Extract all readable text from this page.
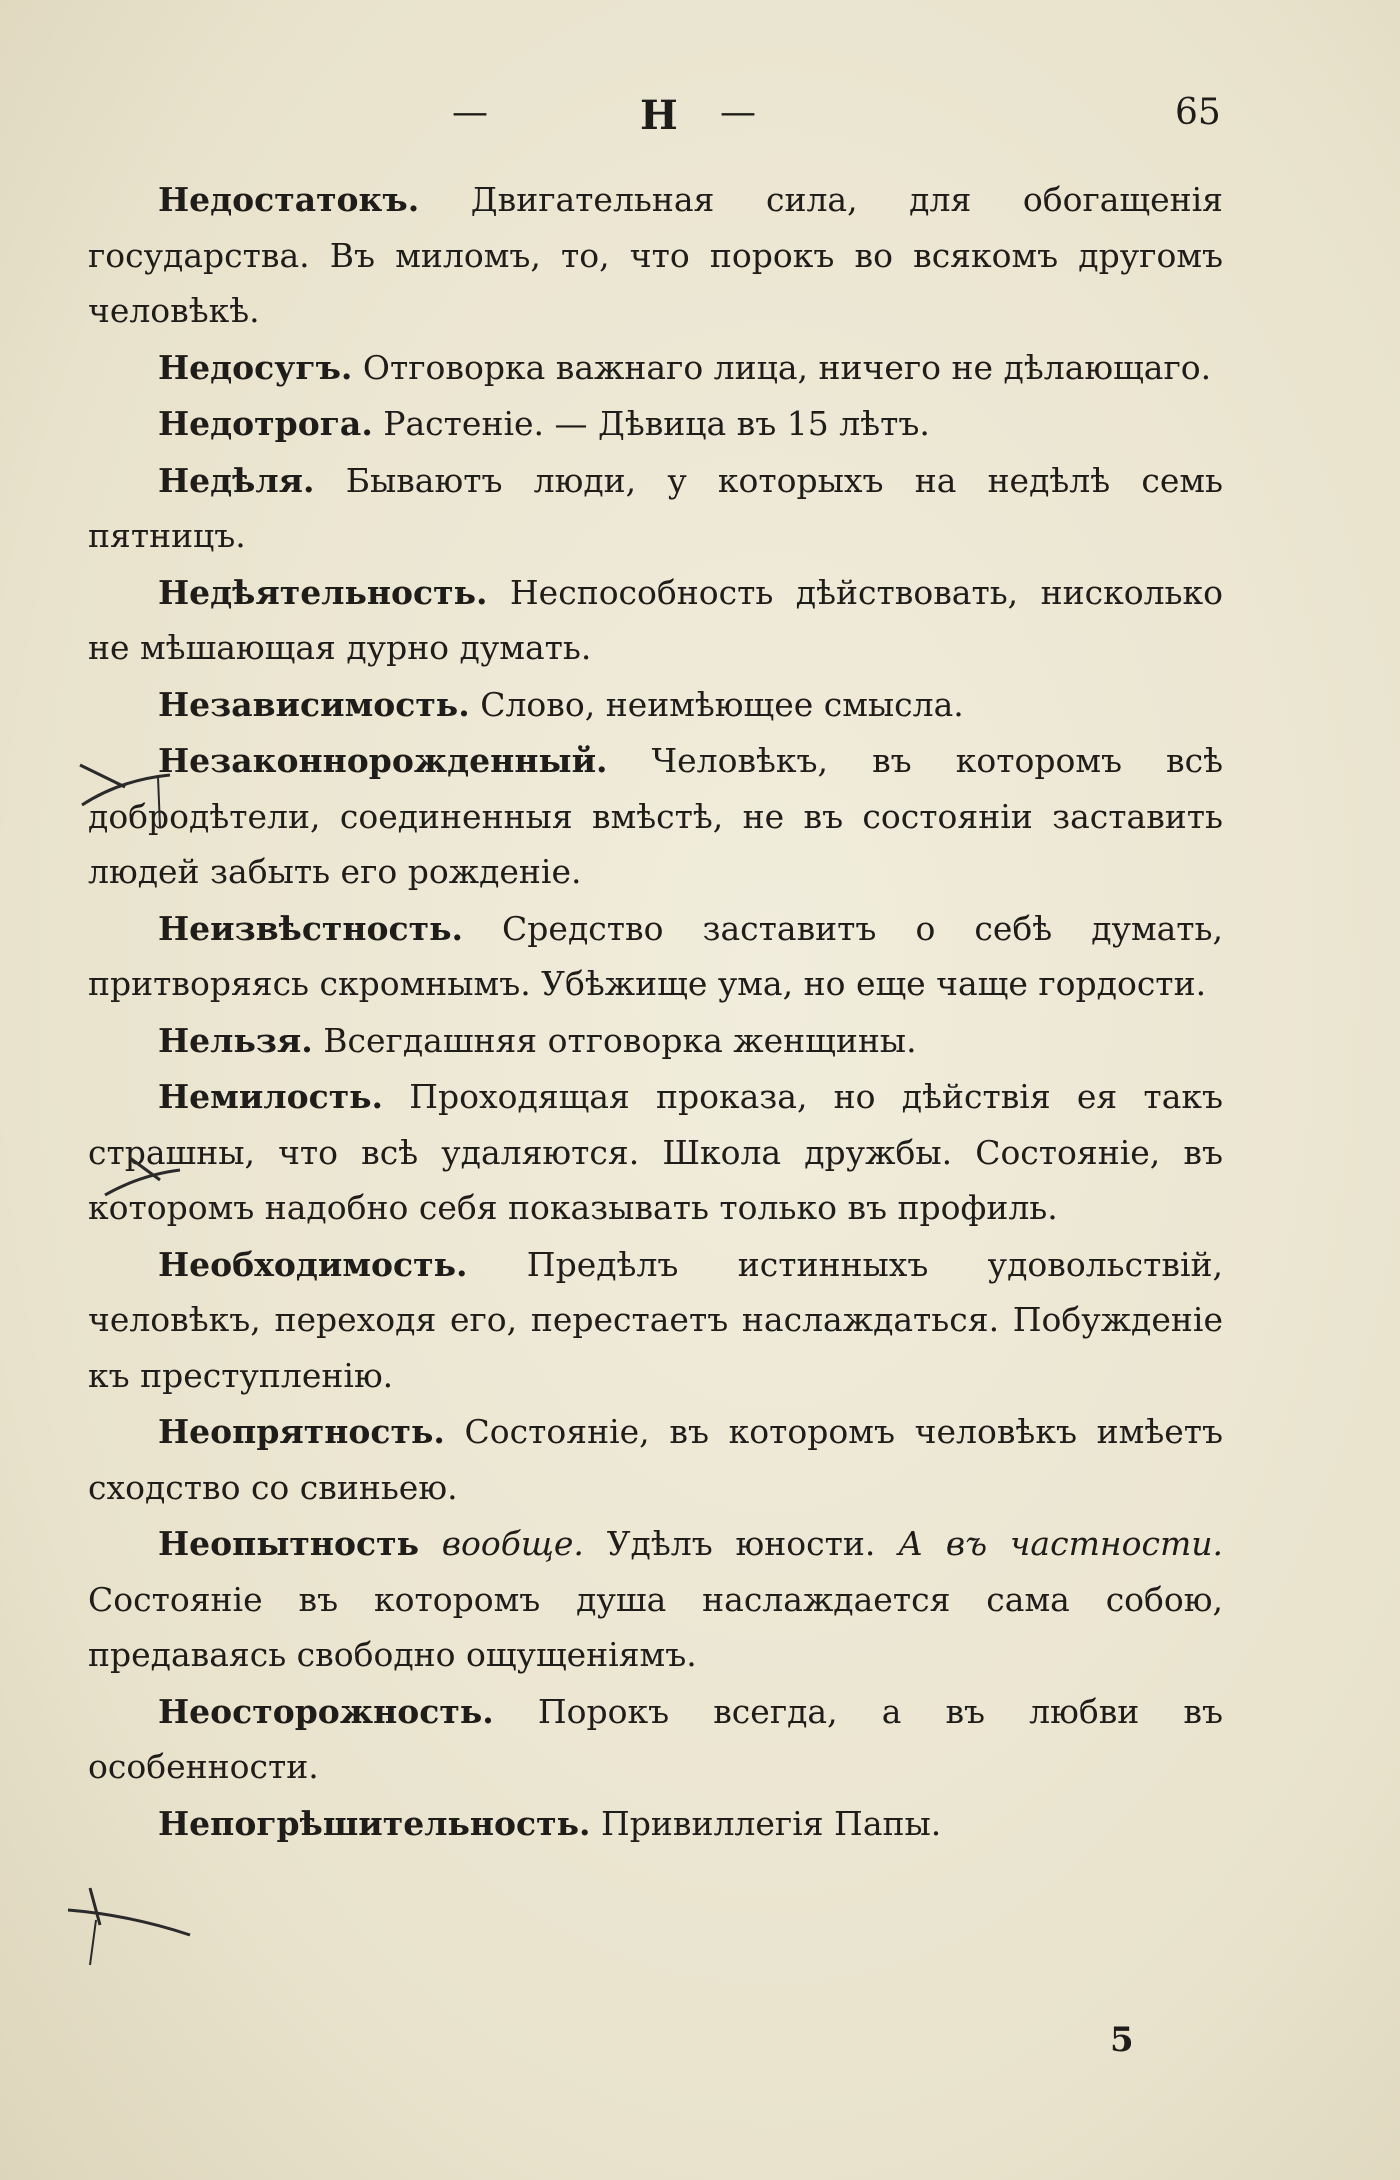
—	Н —	65

Недостатокъ. Двигательная сила, для обогащенія государства. Въ миломъ, то, что порокъ во всякомъ другомъ человѣкѣ.

Недосугъ. Отговорка важнаго лица, ничего не дѣлающаго.

Недотрога. Растеніе. — Дѣвица въ 15 лѣтъ.

Недѣля. Бываютъ люди, у которыхъ на недѣлѣ семь пятницъ.

Недѣятельность. Неспособность дѣйствовать, нисколько не мѣшающая дурно думать.

Независимость. Слово, неимѣющее смысла.

Незаконнорожденный. Человѣкъ, въ которомъ всѣ добродѣтели, соединенныя вмѣстѣ, не въ состояніи заставить людей забыть его рожденіе.

Неизвѣстность. Средство заставитъ о себѣ думать, притворяясь скромнымъ. Убѣжище ума, но еще чаще гордости.

Нельзя. Всегдашняя отговорка женщины.

Немилость. Проходящая проказа, но дѣйствія ея такъ страшны, что всѣ удаляются. Школа дружбы. Состояніе, въ которомъ надобно себя показывать только въ профиль.

Необходимость. Предѣлъ истинныхъ удовольствій, человѣкъ, переходя его, перестаетъ наслаждаться. Побужденіе къ преступленію.

Неопрятность. Состояніе, въ которомъ человѣкъ имѣетъ сходство со свиньею.

Неопытность вообще. Удѣлъ юности. А въ частности. Состояніе въ которомъ душа наслаждается сама собою, предаваясь свободно ощущеніямъ.

Неосторожность. Порокъ всегда, а въ любви въ особенности.

Непогрѣшительность. Привиллегія Папы.

5
